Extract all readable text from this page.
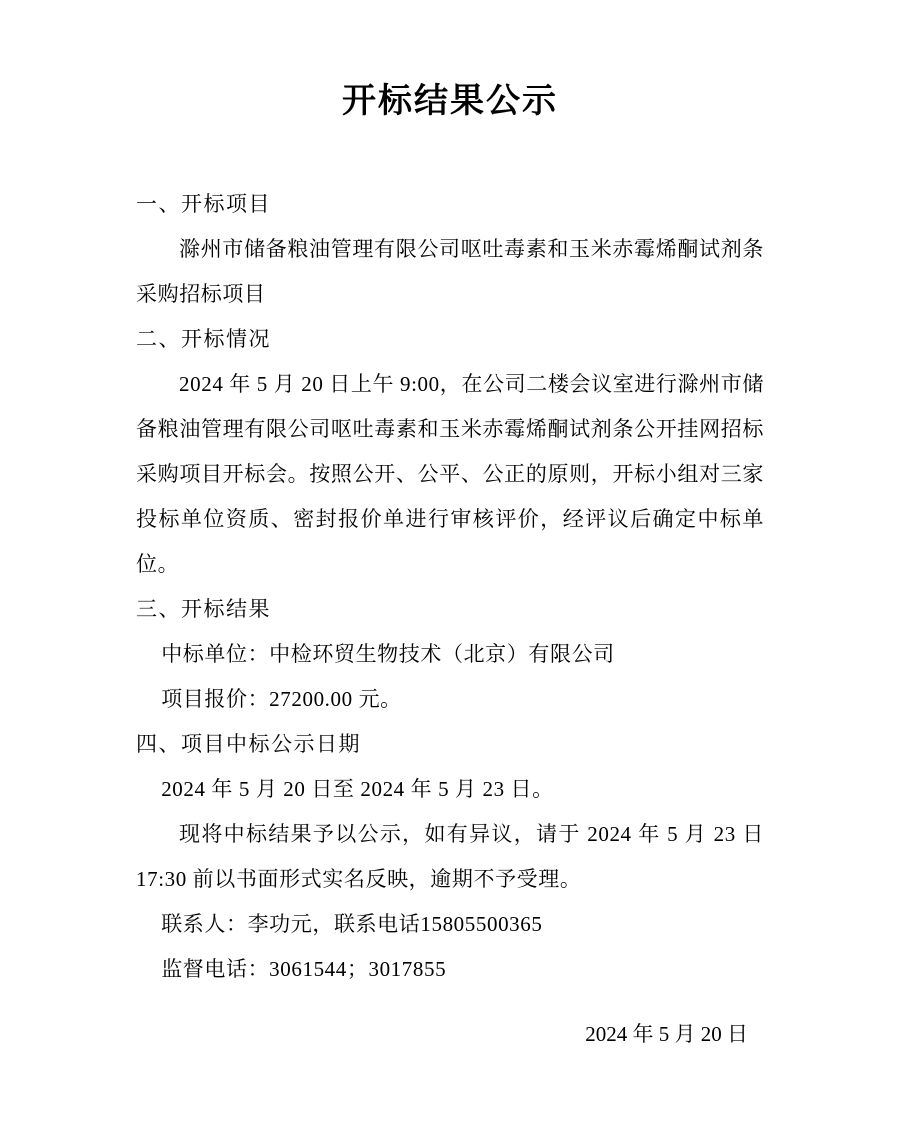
开标结果公示

一、开标项目

滁州市储备粮油管理有限公司呕吐毒素和玉米赤霉烯酮试剂条采购招标项目

二、开标情况

2024 年 5 月 20 日上午 9:00，在公司二楼会议室进行滁州市储备粮油管理有限公司呕吐毒素和玉米赤霉烯酮试剂条公开挂网招标采购项目开标会。按照公开、公平、公正的原则，开标小组对三家投标单位资质、密封报价单进行审核评价，经评议后确定中标单位。

三、开标结果

中标单位：中检环贸生物技术（北京）有限公司

项目报价：27200.00 元。

四、项目中标公示日期

2024 年 5 月 20 日至 2024 年 5 月 23 日。

现将中标结果予以公示，如有异议，请于 2024 年 5 月 23 日 17:30 前以书面形式实名反映，逾期不予受理。

联系人：李功元，联系电话15805500365

监督电话：3061544；3017855

2024 年 5 月 20 日
